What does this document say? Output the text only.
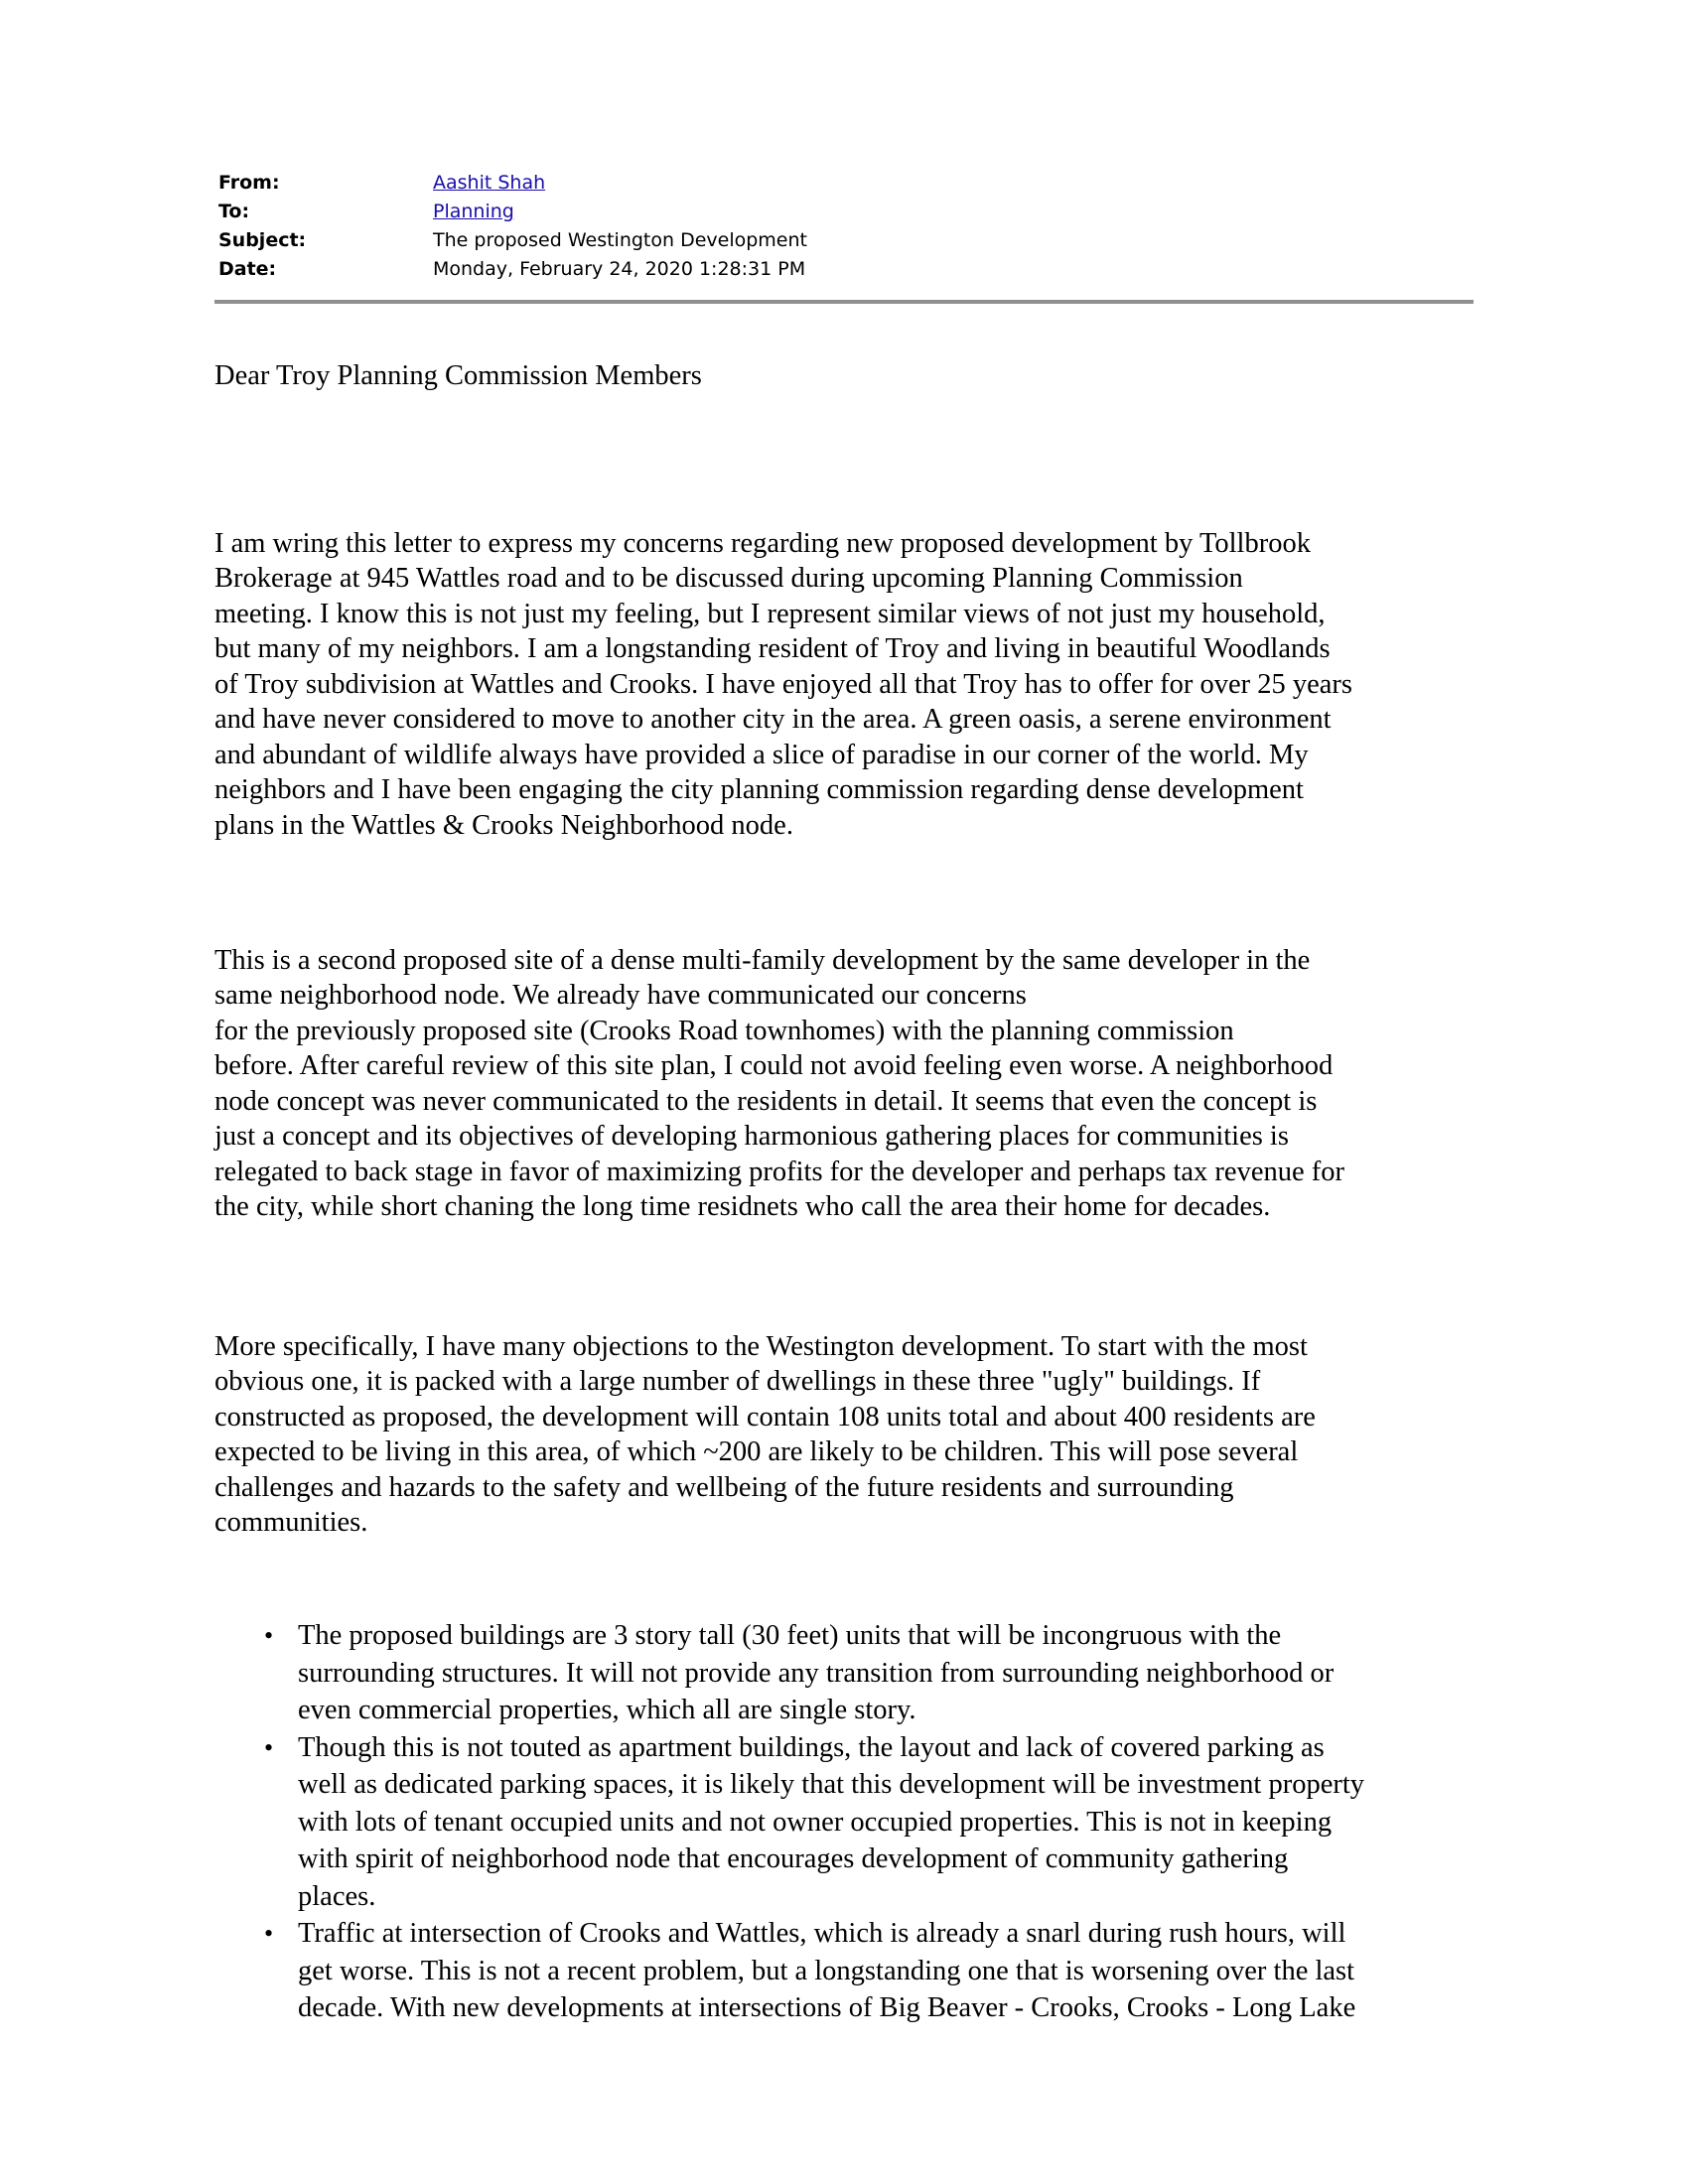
From:	Aashit Shah
To:	Planning
Subject:	The proposed Westington Development
Date:	Monday, February 24, 2020 1:28:31 PM
Dear Troy Planning Commission Members

I am wring this letter to express my concerns regarding new proposed development by Tollbrook
Brokerage at 945 Wattles road and to be discussed during upcoming Planning Commission
meeting. I know this is not just my feeling, but I represent similar views of not just my household,
but many of my neighbors. I am a longstanding resident of Troy and living in beautiful Woodlands
of Troy subdivision at Wattles and Crooks. I have enjoyed all that Troy has to offer for over 25 years
and have never considered to move to another city in the area. A green oasis, a serene environment
and abundant of wildlife always have provided a slice of paradise in our corner of the world. My
neighbors and I have been engaging the city planning commission regarding dense development
plans in the Wattles & Crooks Neighborhood node.

This is a second proposed site of a dense multi-family development by the same developer in the
same neighborhood node. We already have communicated our concerns
for the previously proposed site (Crooks Road townhomes) with the planning commission
before. After careful review of this site plan, I could not avoid feeling even worse. A neighborhood
node concept was never communicated to the residents in detail. It seems that even the concept is
just a concept and its objectives of developing harmonious gathering places for communities is
relegated to back stage in favor of maximizing profits for the developer and perhaps tax revenue for
the city, while short chaning the long time residnets who call the area their home for decades.

More specifically, I have many objections to the Westington development. To start with the most
obvious one, it is packed with a large number of dwellings in these three "ugly" buildings. If
constructed as proposed, the development will contain 108 units total and about 400 residents are
expected to be living in this area, of which ~200 are likely to be children. This will pose several
challenges and hazards to the safety and wellbeing of the future residents and surrounding
communities.

• The proposed buildings are 3 story tall (30 feet) units that will be incongruous with the
surrounding structures. It will not provide any transition from surrounding neighborhood or
even commercial properties, which all are single story.
• Though this is not touted as apartment buildings, the layout and lack of covered parking as
well as dedicated parking spaces, it is likely that this development will be investment property
with lots of tenant occupied units and not owner occupied properties. This is not in keeping
with spirit of neighborhood node that encourages development of community gathering
places.
• Traffic at intersection of Crooks and Wattles, which is already a snarl during rush hours, will
get worse. This is not a recent problem, but a longstanding one that is worsening over the last
decade. With new developments at intersections of Big Beaver - Crooks, Crooks - Long Lake
